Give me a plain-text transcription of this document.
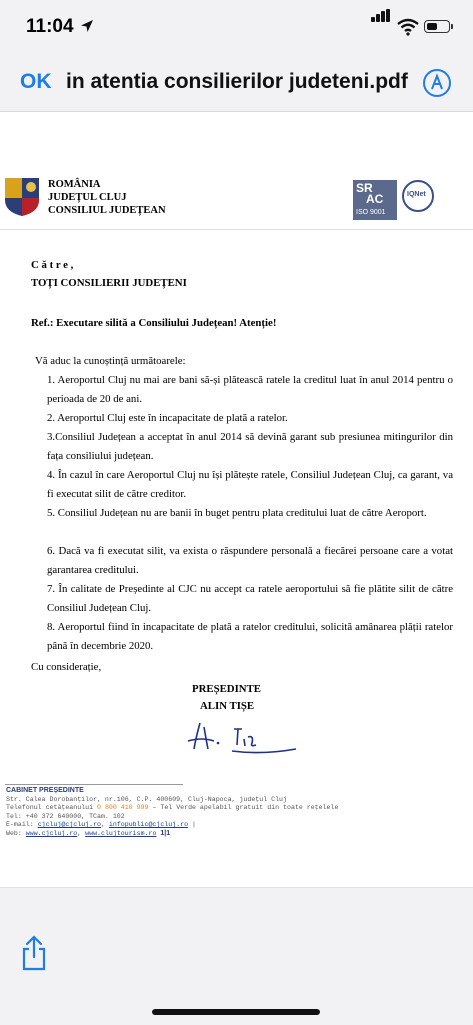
11:04
OK in atentia consilierilor judeteni.pdf
ROMÂNIA
JUDEȚUL CLUJ
CONSILIUL JUDEȚEAN
SR
AC
ISO 9001
IQNet
C ă t r e ,
TOȚI CONSILIERII JUDEȚENI
Ref.: Executare silită a Consiliului Județean! Atenție!
Vă aduc la cunoștință următoarele:
1. Aeroportul Cluj nu mai are bani să-și plătească ratele la creditul luat în anul 2014 pentru o perioada de 20 de ani.
2. Aeroportul Cluj este în incapacitate de plată a ratelor.
3.Consiliul Județean a acceptat în anul 2014 să devină garant sub presiunea mitingurilor din fața consiliului județean.
4. În cazul în care Aeroportul Cluj nu își plătește ratele, Consiliul Județean Cluj, ca garant, va fi executat silit de către creditor.
5. Consiliul Județean nu are banii în buget pentru plata creditului luat de către Aeroport.
6. Dacă va fi executat silit, va exista o răspundere personală a fiecărei persoane care a votat garantarea creditului.
7. În calitate de Președinte al CJC nu accept ca ratele aeroportului să fie plătite silit de către Consiliul Județean Cluj.
8. Aeroportul fiind în incapacitate de plată a ratelor creditului, solicită amânarea plății ratelor până în decembrie 2020.
Cu considerație,
PREȘEDINTE
ALIN TIȘE
CABINET PREȘEDINTE
Str. Calea Dorobanților, nr.106, C.P. 400609, Cluj-Napoca, județul Cluj
Telefonul cetățeanului 0 800 410 999 – Tel Verde apelabil gratuit din toate rețelele
Tel: +40 372 640000, TCam. 102
E-mail: cjcluj@cjcluj.ro, infopublic@cjcluj.ro |
Web: www.cjcluj.ro, www.clujtourism.ro 1|1
